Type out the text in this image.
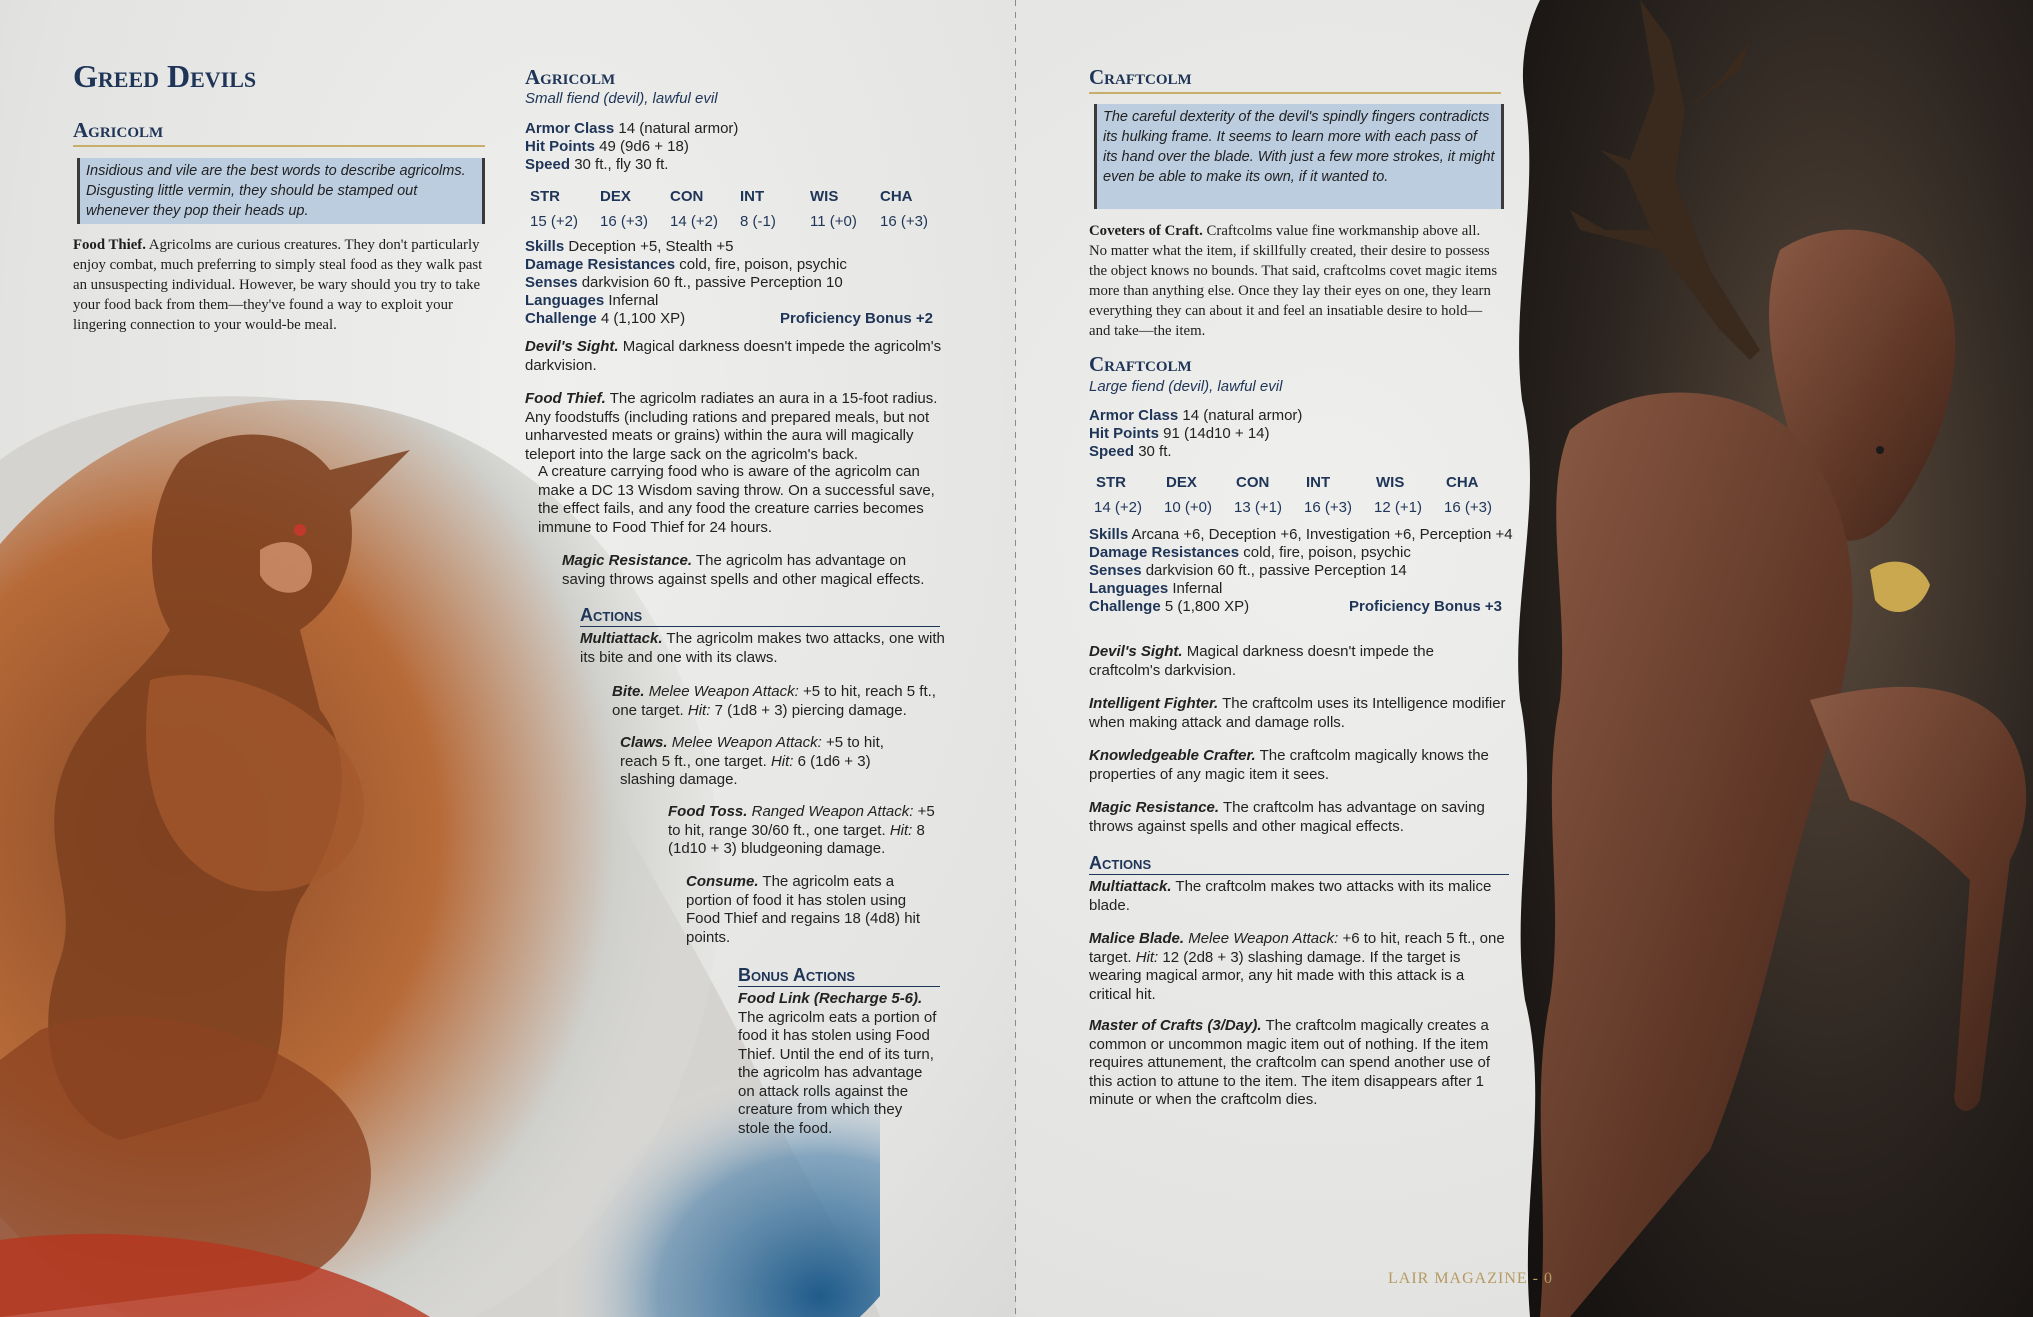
Greed Devils
Agricolm
Insidious and vile are the best words to describe agricolms. Disgusting little vermin, they should be stamped out whenever they pop their heads up.
Food Thief. Agricolms are curious creatures. They don't particularly enjoy combat, much preferring to simply steal food as they walk past an unsuspecting individual. However, be wary should you try to take your food back from them—they've found a way to exploit your lingering connection to your would-be meal.
Agricolm
Small fiend (devil), lawful evil
Armor Class 14 (natural armor)
Hit Points 49 (9d6 + 18)
Speed 30 ft., fly 30 ft.
STR	DEX	CON INT	WIS	CHA
15 (+2) 16 (+3) 14 (+2) 8 (-1) 11 (+0) 16 (+3)
Skills Deception +5, Stealth +5
Damage Resistances cold, fire, poison, psychic
Senses darkvision 60 ft., passive Perception 10
Languages Infernal
Challenge 4 (1,100 XP)	Proficiency Bonus +2
Devil's Sight. Magical darkness doesn't impede the agricolm's darkvision.
Food Thief. The agricolm radiates an aura in a 15-foot radius. Any foodstuffs (including rations and prepared meals, but not unharvested meats or grains) within the aura will magically teleport into the large sack on the agricolm's back.
A creature carrying food who is aware of the agricolm can make a DC 13 Wisdom saving throw. On a successful save, the effect fails, and any food the creature carries becomes immune to Food Thief for 24 hours.
Magic Resistance. The agricolm has advantage on saving throws against spells and other magical effects.
Actions
Multiattack. The agricolm makes two attacks, one with its bite and one with its claws.
Bite. Melee Weapon Attack: +5 to hit, reach 5 ft., one target. Hit: 7 (1d8 + 3) piercing damage.
Claws. Melee Weapon Attack: +5 to hit, reach 5 ft., one target. Hit: 6 (1d6 + 3) slashing damage.
Food Toss. Ranged Weapon Attack: +5 to hit, range 30/60 ft., one target. Hit: 8 (1d10 + 3) bludgeoning damage.
Consume. The agricolm eats a portion of food it has stolen using Food Thief and regains 18 (4d8) hit points.
Bonus Actions
Food Link (Recharge 5-6). The agricolm eats a portion of food it has stolen using Food Thief. Until the end of its turn, the agricolm has advantage on attack rolls against the creature from which they stole the food.
Craftcolm
The careful dexterity of the devil's spindly fingers contradicts its hulking frame. It seems to learn more with each pass of its hand over the blade. With just a few more strokes, it might even be able to make its own, if it wanted to.
Coveters of Craft. Craftcolms value fine workmanship above all. No matter what the item, if skillfully created, their desire to possess the object knows no bounds. That said, craftcolms covet magic items more than anything else. Once they lay their eyes on one, they learn everything they can about it and feel an insatiable desire to hold—and take—the item.
Craftcolm
Large fiend (devil), lawful evil
Armor Class 14 (natural armor)
Hit Points 91 (14d10 + 14)
Speed 30 ft.
STR	DEX	CON INT	WIS	CHA
14 (+2) 10 (+0) 13 (+1) 16 (+3) 12 (+1) 16 (+3)
Skills Arcana +6, Deception +6, Investigation +6, Perception +4
Damage Resistances cold, fire, poison, psychic
Senses darkvision 60 ft., passive Perception 14
Languages Infernal
Challenge 5 (1,800 XP)	Proficiency Bonus +3
Devil's Sight. Magical darkness doesn't impede the craftcolm's darkvision.
Intelligent Fighter. The craftcolm uses its Intelligence modifier when making attack and damage rolls.
Knowledgeable Crafter. The craftcolm magically knows the properties of any magic item it sees.
Magic Resistance. The craftcolm has advantage on saving throws against spells and other magical effects.
Actions
Multiattack. The craftcolm makes two attacks with its malice blade.
Malice Blade. Melee Weapon Attack: +6 to hit, reach 5 ft., one target. Hit: 12 (2d8 + 3) slashing damage. If the target is wearing magical armor, any hit made with this attack is a critical hit.
Master of Crafts (3/Day). The craftcolm magically creates a common or uncommon magic item out of nothing. If the item requires attunement, the craftcolm can spend another use of this action to attune to the item. The item disappears after 1 minute or when the craftcolm dies.
LAIR MAGAZINE - 0
